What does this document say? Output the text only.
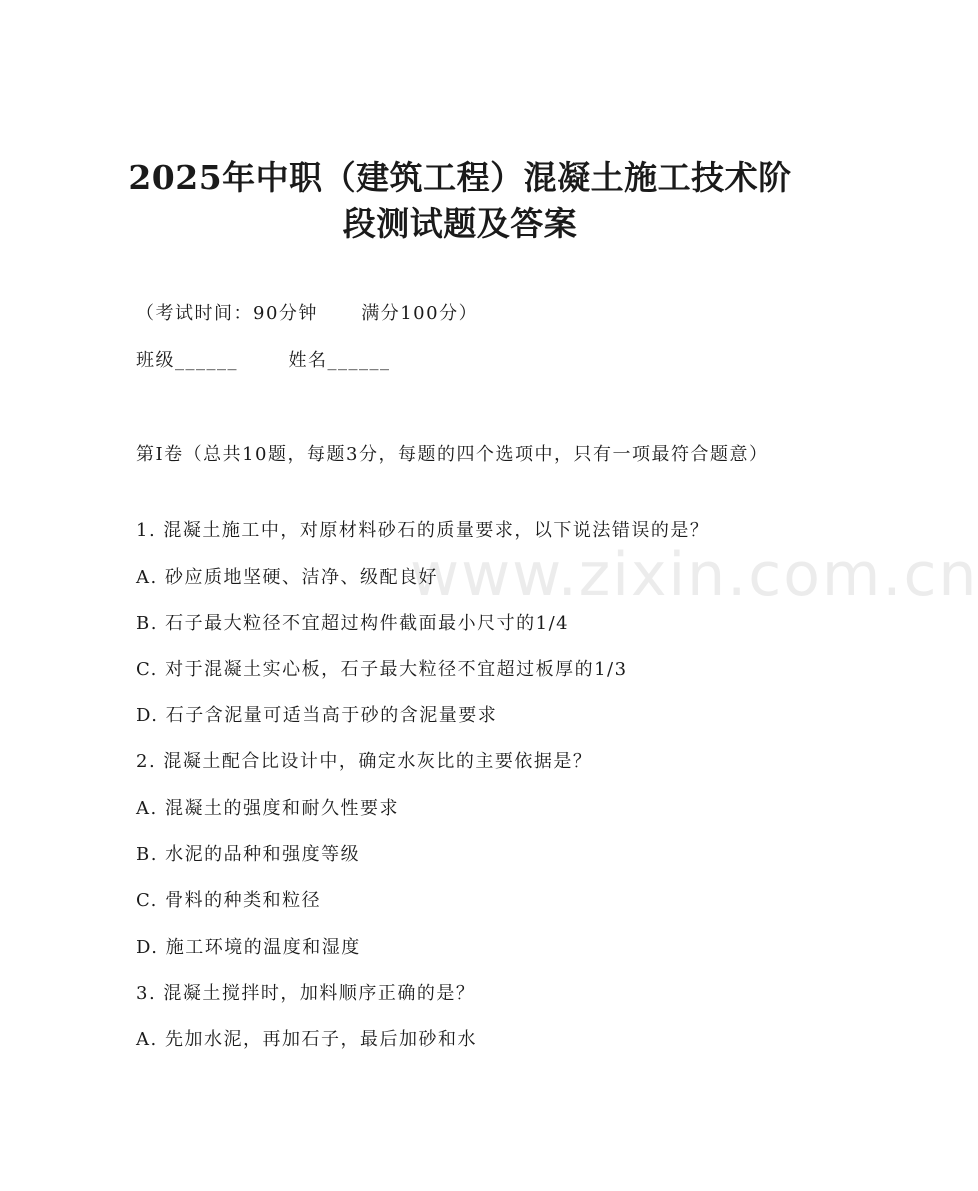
www.zixin.com.cn
2025年中职（建筑工程）混凝土施工技术阶
段测试题及答案
（考试时间：90分钟      满分100分）
班级______       姓名______
第I卷（总共10题，每题3分，每题的四个选项中，只有一项最符合题意）
1. 混凝土施工中，对原材料砂石的质量要求，以下说法错误的是？
A. 砂应质地坚硬、洁净、级配良好
B. 石子最大粒径不宜超过构件截面最小尺寸的1/4
C. 对于混凝土实心板，石子最大粒径不宜超过板厚的1/3
D. 石子含泥量可适当高于砂的含泥量要求
2. 混凝土配合比设计中，确定水灰比的主要依据是？
A. 混凝土的强度和耐久性要求
B. 水泥的品种和强度等级
C. 骨料的种类和粒径
D. 施工环境的温度和湿度
3. 混凝土搅拌时，加料顺序正确的是？
A. 先加水泥，再加石子，最后加砂和水
